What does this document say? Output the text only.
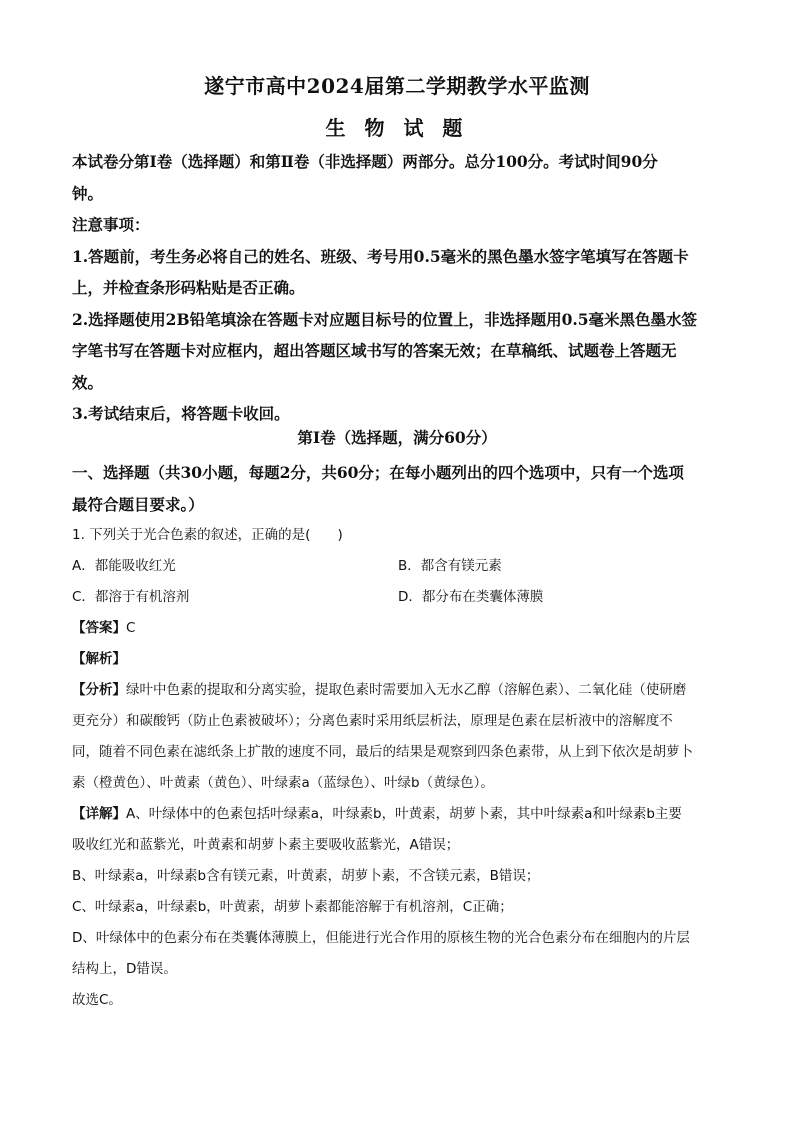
遂宁市高中2024届第二学期教学水平监测
生 物 试 题
本试卷分第Ⅰ卷（选择题）和第Ⅱ卷（非选择题）两部分。总分100分。考试时间90分
钟。
注意事项：
1.答题前，考生务必将自己的姓名、班级、考号用0.5毫米的黑色墨水签字笔填写在答题卡
上，并检查条形码粘贴是否正确。
2.选择题使用2B铅笔填涂在答题卡对应题目标号的位置上，非选择题用0.5毫米黑色墨水签
字笔书写在答题卡对应框内，超出答题区域书写的答案无效；在草稿纸、试题卷上答题无
效。
3.考试结束后，将答题卡收回。
第Ⅰ卷（选择题，满分60分）
一、选择题（共30小题，每题2分，共60分；在每小题列出的四个选项中，只有一个选项
最符合题目要求。）
1. 下列关于光合色素的叙述，正确的是(　　)
A．都能吸收红光	B．都含有镁元素
C．都溶于有机溶剂	D．都分布在类囊体薄膜
【答案】C
【解析】
【分析】绿叶中色素的提取和分离实验，提取色素时需要加入无水乙醇（溶解色素）、二氧化硅（使研磨
更充分）和碳酸钙（防止色素被破坏）；分离色素时采用纸层析法，原理是色素在层析液中的溶解度不
同，随着不同色素在滤纸条上扩散的速度不同，最后的结果是观察到四条色素带，从上到下依次是胡萝卜
素（橙黄色）、叶黄素（黄色）、叶绿素a（蓝绿色）、叶绿b（黄绿色）。
【详解】A、叶绿体中的色素包括叶绿素a，叶绿素b，叶黄素，胡萝卜素，其中叶绿素a和叶绿素b主要
吸收红光和蓝紫光，叶黄素和胡萝卜素主要吸收蓝紫光，A错误；
B、叶绿素a，叶绿素b含有镁元素，叶黄素，胡萝卜素，不含镁元素，B错误；
C、叶绿素a，叶绿素b，叶黄素，胡萝卜素都能溶解于有机溶剂，C正确；
D、叶绿体中的色素分布在类囊体薄膜上，但能进行光合作用的原核生物的光合色素分布在细胞内的片层
结构上，D错误。
故选C。
